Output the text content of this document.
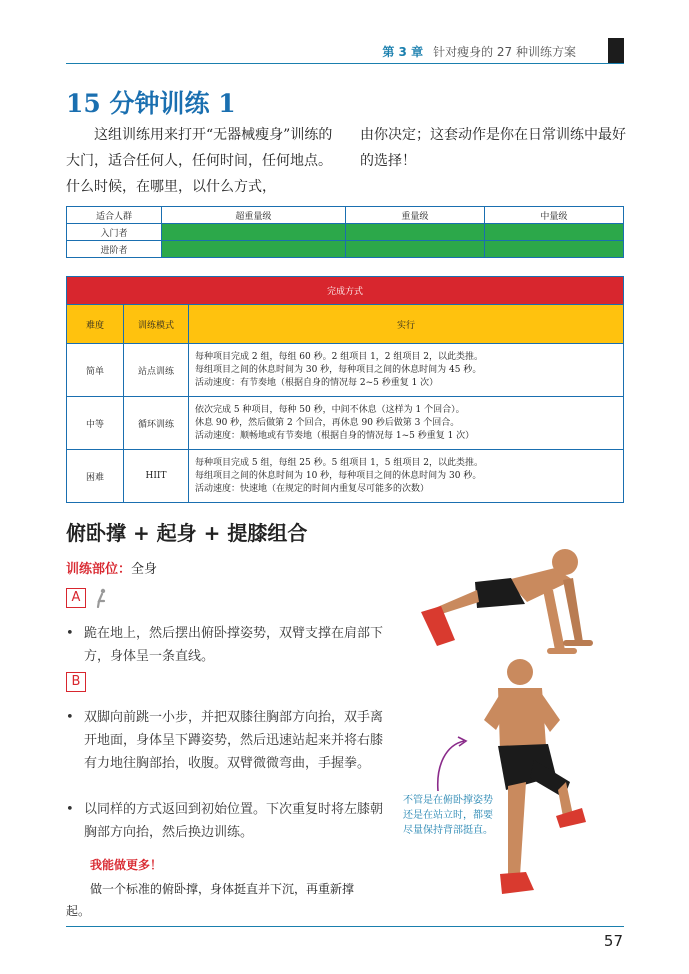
第 3 章 针对瘦身的 27 种训练方案
15 分钟训练 1
这组训练用来打开“无器械瘦身”训练的大门，适合任何人，任何时间，任何地点。什么时候，在哪里，以什么方式，
由你决定；这套动作是你在日常训练中最好的选择！
适合人群	超重量级	重量级	中量级
入门者			
进阶者			
完成方式		
难度	训练模式	实行
简单	站点训练	每种项目完成 2 组，每组 60 秒。2 组项目 1，2 组项目 2，以此类推。
每组项目之间的休息时间为 30 秒，每种项目之间的休息时间为 45 秒。
活动速度：有节奏地（根据自身的情况每 2~5 秒重复 1 次）

中等	循环训练	依次完成 5 种项目，每种 50 秒，中间不休息（这样为 1 个回合）。
休息 90 秒，然后做第 2 个回合，再休息 90 秒后做第 3 个回合。
活动速度：顺畅地或有节奏地（根据自身的情况每 1~5 秒重复 1 次）

困难	HIIT	每种项目完成 5 组，每组 25 秒。5 组项目 1，5 组项目 2，以此类推。
每组项目之间的休息时间为 10 秒，每种项目之间的休息时间为 30 秒。
活动速度：快速地（在规定的时间内重复尽可能多的次数）
俯卧撑 + 起身 + 提膝组合
训练部位：全身
A
• 跪在地上，然后摆出俯卧撑姿势，双臂支撑在肩部下方，身体呈一条直线。
B
• 双脚向前跳一小步，并把双膝往胸部方向抬，双手离开地面，身体呈下蹲姿势，然后迅速站起来并将右膝有力地往胸部抬，收腹。双臂微微弯曲，手握拳。
• 以同样的方式返回到初始位置。下次重复时将左膝朝胸部方向抬，然后换边训练。
我能做更多！
做一个标准的俯卧撑，身体挺直并下沉，再重新撑起。
不管是在俯卧撑姿势还是在站立时，都要尽量保持背部挺直。
57
